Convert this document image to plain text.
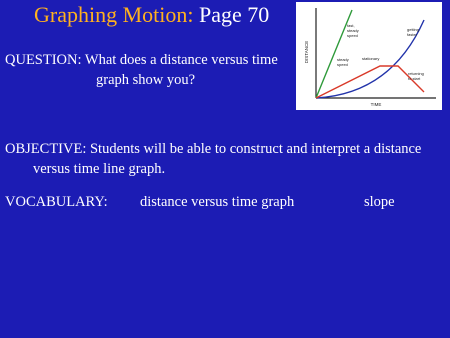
Graphing Motion: Page 70
QUESTION: What does a distance versus time
graph show you?
DISTANCE
TIME
fast,
steady
speed
getting
faster
steady
speed
stationary
returning
to start
OBJECTIVE: Students will be able to construct and interpret a distance
versus time line graph.
VOCABULARY: distance versus time graph	slope
